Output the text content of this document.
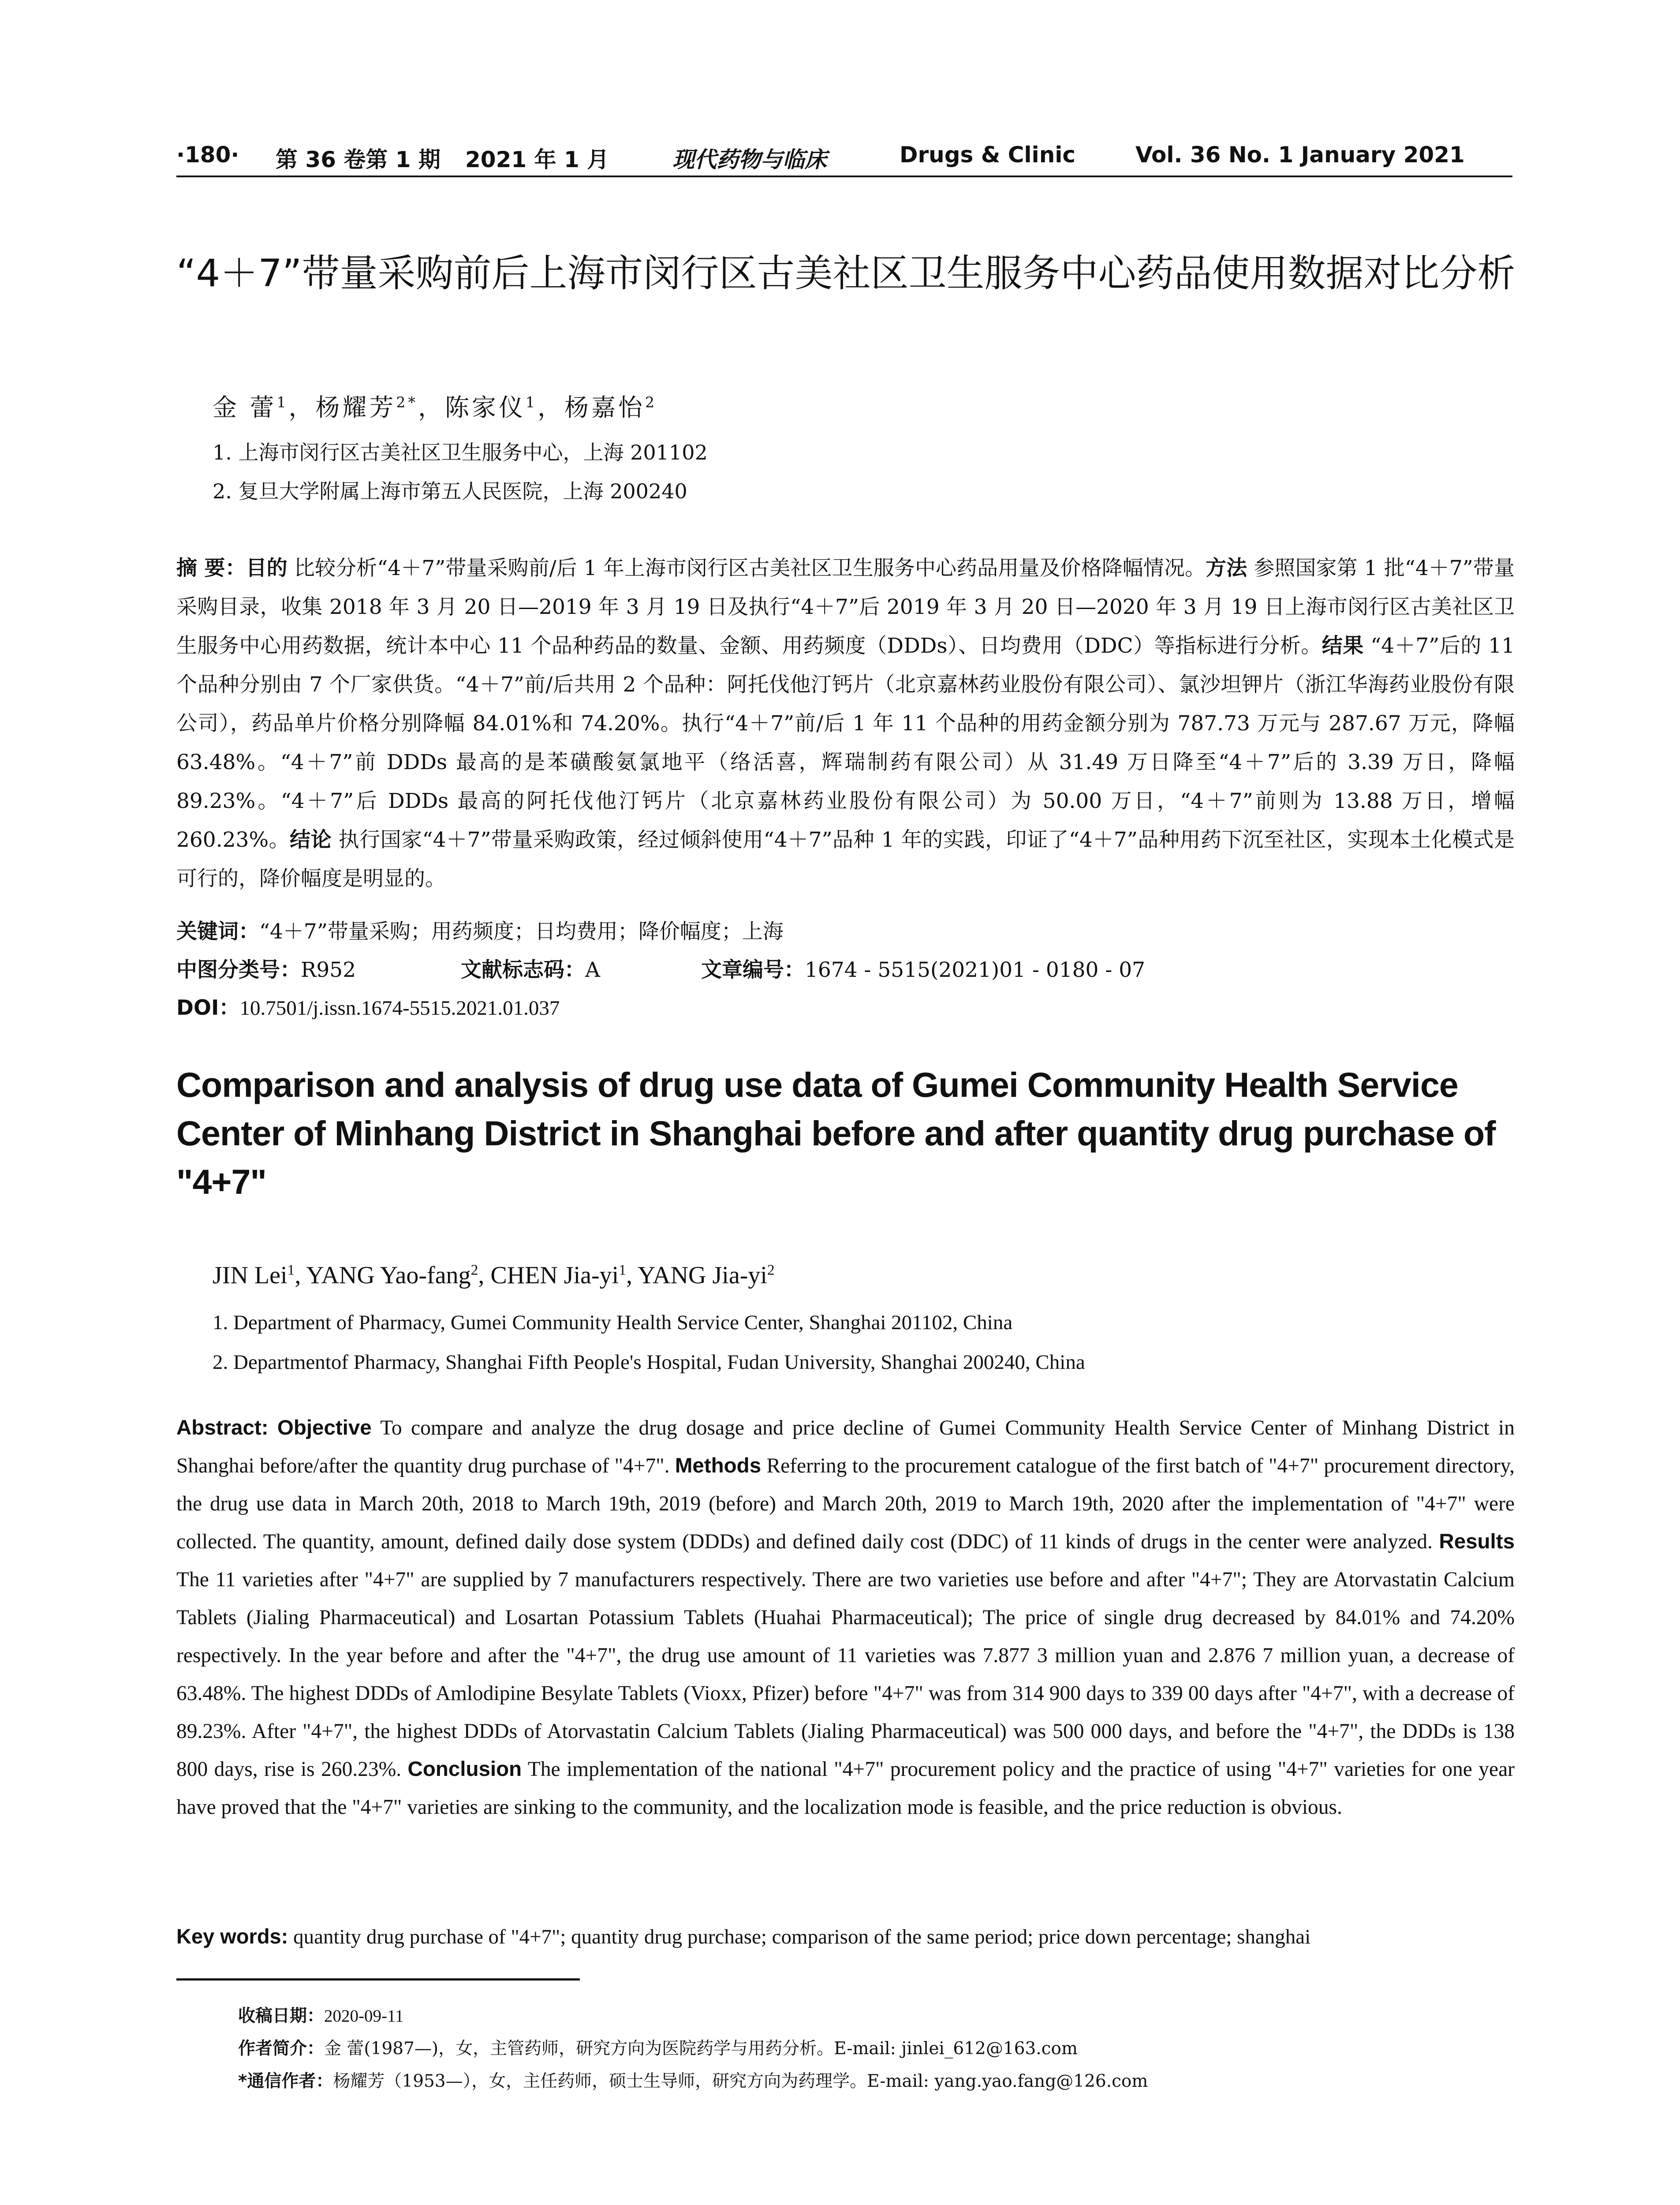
·180· 第 36 卷第 1 期 2021 年 1 月	现代药物与临床	Drugs & Clinic	Vol. 36 No. 1 January 2021
“4＋7”带量采购前后上海市闵行区古美社区卫生服务中心药品使用数据对比分析
金 蕾$^1$，杨耀芳$^{2*}$，陈家仪$^1$，杨嘉怡$^2$
1. 上海市闵行区古美社区卫生服务中心，上海 201102
2. 复旦大学附属上海市第五人民医院，上海 200240
摘 要：目的 比较分析“4＋7”带量采购前/后 1 年上海市闵行区古美社区卫生服务中心药品用量及价格降幅情况。方法 参照国家第 1 批“4＋7”带量采购目录，收集 2018 年 3 月 20 日—2019 年 3 月 19 日及执行“4＋7”后 2019 年 3 月 20 日—2020 年 3 月 19 日上海市闵行区古美社区卫生服务中心用药数据，统计本中心 11 个品种药品的数量、金额、用药频度（DDDs）、日均费用（DDC）等指标进行分析。结果 “4＋7”后的 11 个品种分别由 7 个厂家供货。“4＋7”前/后共用 2 个品种：阿托伐他汀钙片（北京嘉林药业股份有限公司）、氯沙坦钾片（浙江华海药业股份有限公司），药品单片价格分别降幅 84.01%和 74.20%。执行“4＋7”前/后 1 年 11 个品种的用药金额分别为 787.73 万元与 287.67 万元，降幅 63.48%。“4＋7”前 DDDs 最高的是苯磺酸氨氯地平（络活喜，辉瑞制药有限公司）从 31.49 万日降至“4＋7”后的 3.39 万日，降幅 89.23%。“4＋7”后 DDDs 最高的阿托伐他汀钙片（北京嘉林药业股份有限公司）为 50.00 万日，“4＋7”前则为 13.88 万日，增幅 260.23%。结论 执行国家“4＋7”带量采购政策，经过倾斜使用“4＋7”品种 1 年的实践，印证了“4＋7”品种用药下沉至社区，实现本土化模式是可行的，降价幅度是明显的。
关键词：“4＋7”带量采购；用药频度；日均费用；降价幅度；上海
中图分类号：R952	文献标志码：A	文章编号：1674 - 5515(2021)01 - 0180 - 07
DOI：10.7501/j.issn.1674-5515.2021.01.037
Comparison and analysis of drug use data of Gumei Community Health Service Center of Minhang District in Shanghai before and after quantity drug purchase of "4+7"
JIN Lei$^1$, YANG Yao-fang$^2$, CHEN Jia-$yi^1$, YANG Jia-$yi^2$
1. Department of Pharmacy, Gumei Community Health Service Center, Shanghai 201102, China
2. Departmentof Pharmacy, Shanghai Fifth People's Hospital, Fudan University, Shanghai 200240, China
Abstract: Objective To compare and analyze the drug dosage and price decline of Gumei Community Health Service Center of Minhang District in Shanghai before/after the quantity drug purchase of "4+7". Methods Referring to the procurement catalogue of the first batch of "4+7" procurement directory, the drug use data in March 20th, 2018 to March 19th, 2019 (before) and March 20th, 2019 to March 19th, 2020 after the implementation of "4+7" were collected. The quantity, amount, defined daily dose system (DDDs) and defined daily cost (DDC) of 11 kinds of drugs in the center were analyzed. Results The 11 varieties after "4+7" are supplied by 7 manufacturers respectively. There are two varieties use before and after "4+7"; They are Atorvastatin Calcium Tablets (Jialing Pharmaceutical) and Losartan Potassium Tablets (Huahai Pharmaceutical); The price of single drug decreased by 84.01% and 74.20% respectively. In the year before and after the "4+7", the drug use amount of 11 varieties was 7.877 3 million yuan and 2.876 7 million yuan, a decrease of 63.48%. The highest DDDs of Amlodipine Besylate Tablets (Vioxx, Pfizer) before "4+7" was from 314 900 days to 339 00 days after "4+7", with a decrease of 89.23%. After "4+7", the highest DDDs of Atorvastatin Calcium Tablets (Jialing Pharmaceutical) was 500 000 days, and before the "4+7", the DDDs is 138 800 days, rise is 260.23%. Conclusion The implementation of the national "4+7" procurement policy and the practice of using "4+7" varieties for one year have proved that the "4+7" varieties are sinking to the community, and the localization mode is feasible, and the price reduction is obvious.
Key words: quantity drug purchase of "4+7"; quantity drug purchase; comparison of the same period; price down percentage; shanghai
收稿日期：2020-09-11
作者简介：金 蕾(1987—)，女，主管药师，研究方向为医院药学与用药分析。E-mail: jinlei_612@163.com
*通信作者：杨耀芳（1953—），女，主任药师，硕士生导师，研究方向为药理学。E-mail: yang.yao.fang@126.com
